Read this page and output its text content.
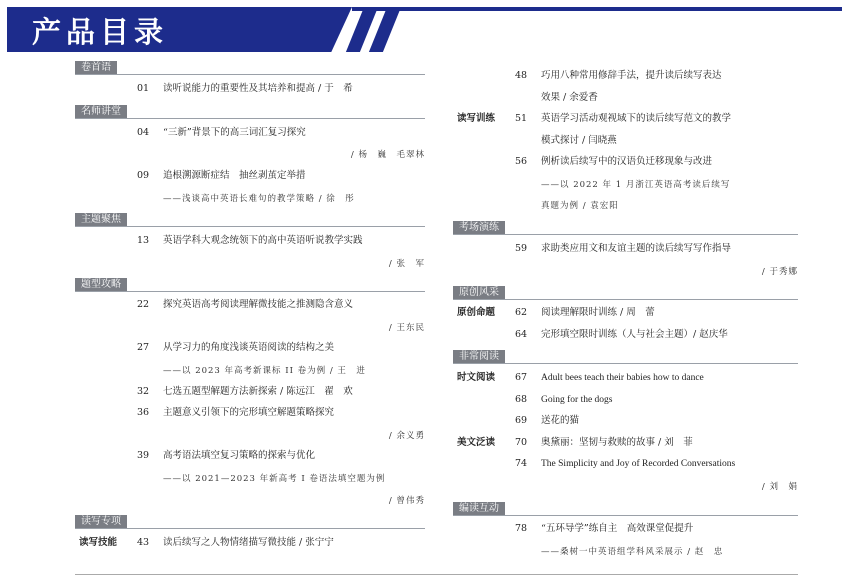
产品目录
卷首语
01	读听说能力的重要性及其培养和提高 / 于　希
名师讲堂
04	“三新”背景下的高三词汇复习探究
/ 杨　巍　毛翠林
09	追根溯源断症结　抽丝剥茧定举措
——浅谈高中英语长难句的教学策略 / 徐　彤
主题聚焦
13	英语学科大观念统领下的高中英语听说教学实践
/ 张　军
题型攻略
22	探究英语高考阅读理解微技能之推测隐含意义
/ 王东民
27	从学习力的角度浅谈英语阅读的结构之美
——以 2023 年高考新课标 II 卷为例 / 王　进
32	七选五题型解题方法新探索 / 陈远江　翟　欢
36	主题意义引领下的完形填空解题策略探究
/ 余义勇
39	高考语法填空复习策略的探索与优化
——以 2021—2023 年新高考 I 卷语法填空题为例
/ 曾伟秀
读写专项
读写技能 43	读后续写之人物情绪描写微技能 / 张宁宁
48	巧用八种常用修辞手法，提升读后续写表达
效果 / 余爱香
读写训练 51	英语学习活动观视域下的读后续写范文的教学
模式探讨 / 闫晓燕
56	例析读后续写中的汉语负迁移现象与改进
——以 2022 年 1 月浙江英语高考读后续写
真题为例 / 袁宏阳
考场演练
59	求助类应用文和友谊主题的读后续写写作指导
/ 于秀娜
原创风采
原创命题 62	阅读理解限时训练 / 周　蕾
64	完形填空限时训练（人与社会主题）/ 赵庆华
非常阅读
时文阅读 67	Adult bees teach their babies how to dance
68	Going for the dogs
69	送花的猫
美文泛读 70	奥黛丽：坚韧与救赎的故事 / 刘　菲
74	The Simplicity and Joy of Recorded Conversations
/ 刘　娟
编读互动
78	“五环导学”练自主　高效课堂促提升
——桑树一中英语组学科风采展示 / 赵　忠
